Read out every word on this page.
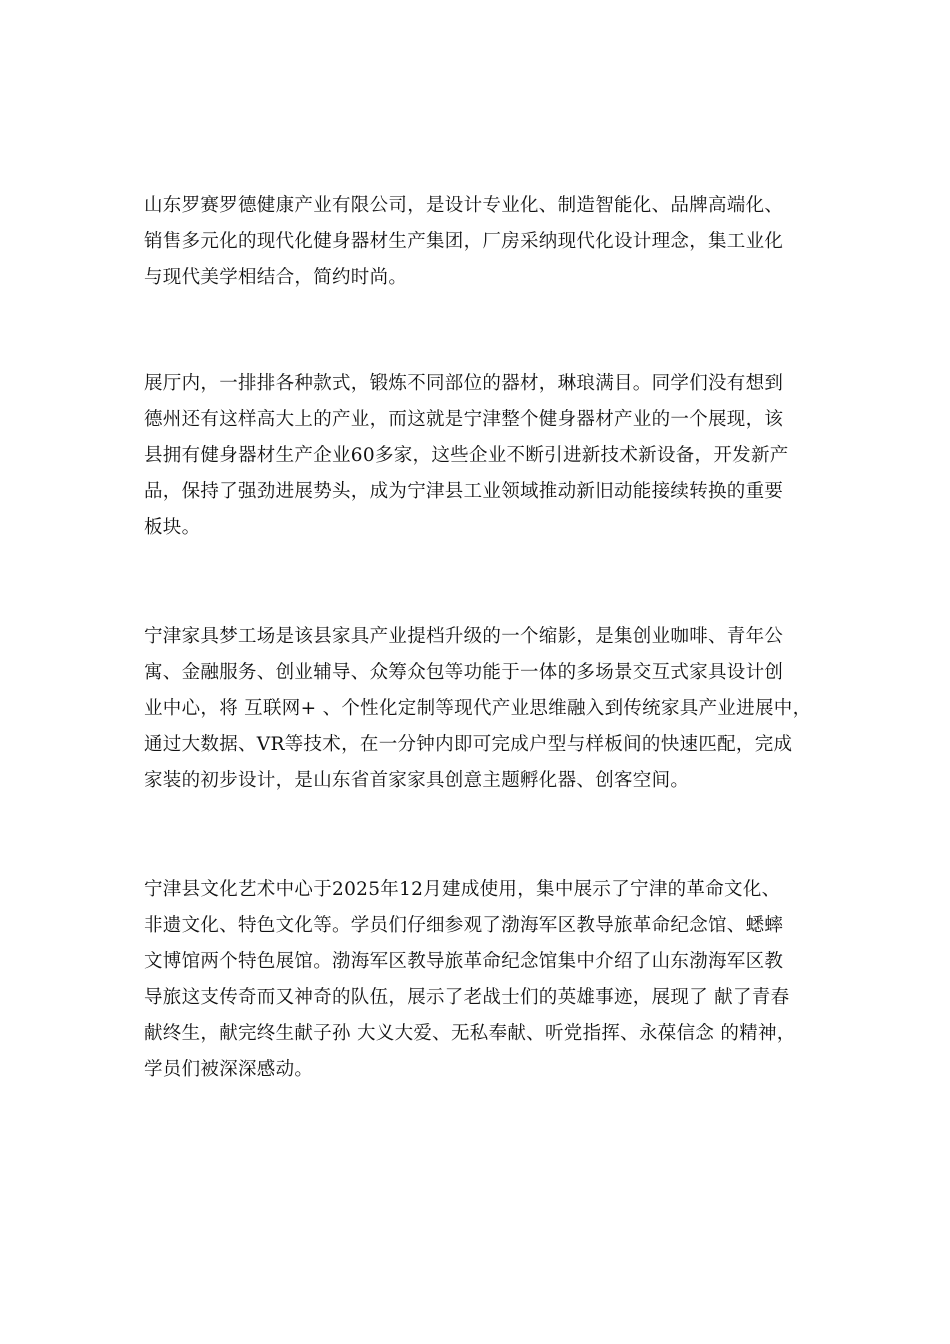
山东罗赛罗德健康产业有限公司，是设计专业化、制造智能化、品牌高端化、
销售多元化的现代化健身器材生产集团，厂房采纳现代化设计理念，集工业化
与现代美学相结合，简约时尚。

展厅内，一排排各种款式，锻炼不同部位的器材，琳琅满目。同学们没有想到
德州还有这样高大上的产业，而这就是宁津整个健身器材产业的一个展现，该
县拥有健身器材生产企业60多家，这些企业不断引进新技术新设备，开发新产
品，保持了强劲进展势头，成为宁津县工业领域推动新旧动能接续转换的重要
板块。

宁津家具梦工场是该县家具产业提档升级的一个缩影，是集创业咖啡、青年公
寓、金融服务、创业辅导、众筹众包等功能于一体的多场景交互式家具设计创
业中心，将 互联网+ 、个性化定制等现代产业思维融入到传统家具产业进展中，
通过大数据、VR等技术，在一分钟内即可完成户型与样板间的快速匹配，完成
家装的初步设计，是山东省首家家具创意主题孵化器、创客空间。

宁津县文化艺术中心于2025年12月建成使用，集中展示了宁津的革命文化、
非遗文化、特色文化等。学员们仔细参观了渤海军区教导旅革命纪念馆、蟋蟀
文博馆两个特色展馆。渤海军区教导旅革命纪念馆集中介绍了山东渤海军区教
导旅这支传奇而又神奇的队伍，展示了老战士们的英雄事迹，展现了 献了青春
献终生，献完终生献子孙 大义大爱、无私奉献、听党指挥、永葆信念 的精神，
学员们被深深感动。
